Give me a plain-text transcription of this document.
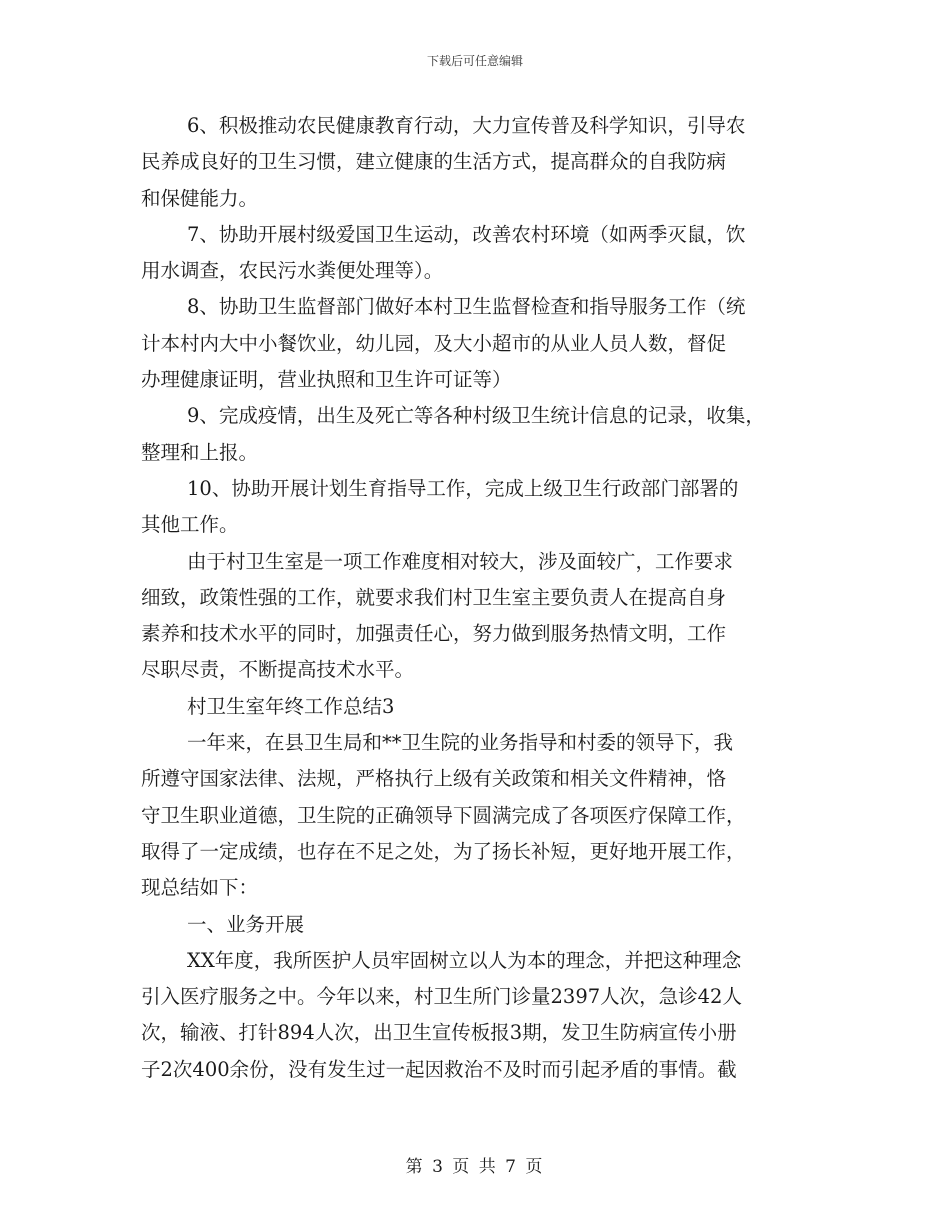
下载后可任意编辑

6、积极推动农民健康教育行动，大力宣传普及科学知识，引导农
民养成良好的卫生习惯，建立健康的生活方式，提高群众的自我防病
和保健能力。

7、协助开展村级爱国卫生运动，改善农村环境（如两季灭鼠，饮
用水调查，农民污水粪便处理等）。

8、协助卫生监督部门做好本村卫生监督检查和指导服务工作（统
计本村内大中小餐饮业，幼儿园，及大小超市的从业人员人数，督促
办理健康证明，营业执照和卫生许可证等）

9、完成疫情，出生及死亡等各种村级卫生统计信息的记录，收集，
整理和上报。

10、协助开展计划生育指导工作，完成上级卫生行政部门部署的
其他工作。

由于村卫生室是一项工作难度相对较大，涉及面较广，工作要求
细致，政策性强的工作，就要求我们村卫生室主要负责人在提高自身
素养和技术水平的同时，加强责任心，努力做到服务热情文明，工作
尽职尽责，不断提高技术水平。

村卫生室年终工作总结3

一年来，在县卫生局和**卫生院的业务指导和村委的领导下，我
所遵守国家法律、法规，严格执行上级有关政策和相关文件精神，恪
守卫生职业道德，卫生院的正确领导下圆满完成了各项医疗保障工作，
取得了一定成绩，也存在不足之处，为了扬长补短，更好地开展工作，
现总结如下：

一、业务开展

XX年度，我所医护人员牢固树立以人为本的理念，并把这种理念
引入医疗服务之中。今年以来，村卫生所门诊量2397人次，急诊42人
次，输液、打针894人次，出卫生宣传板报3期，发卫生防病宣传小册
子2次400余份，没有发生过一起因救治不及时而引起矛盾的事情。截

第 3 页 共 7 页
